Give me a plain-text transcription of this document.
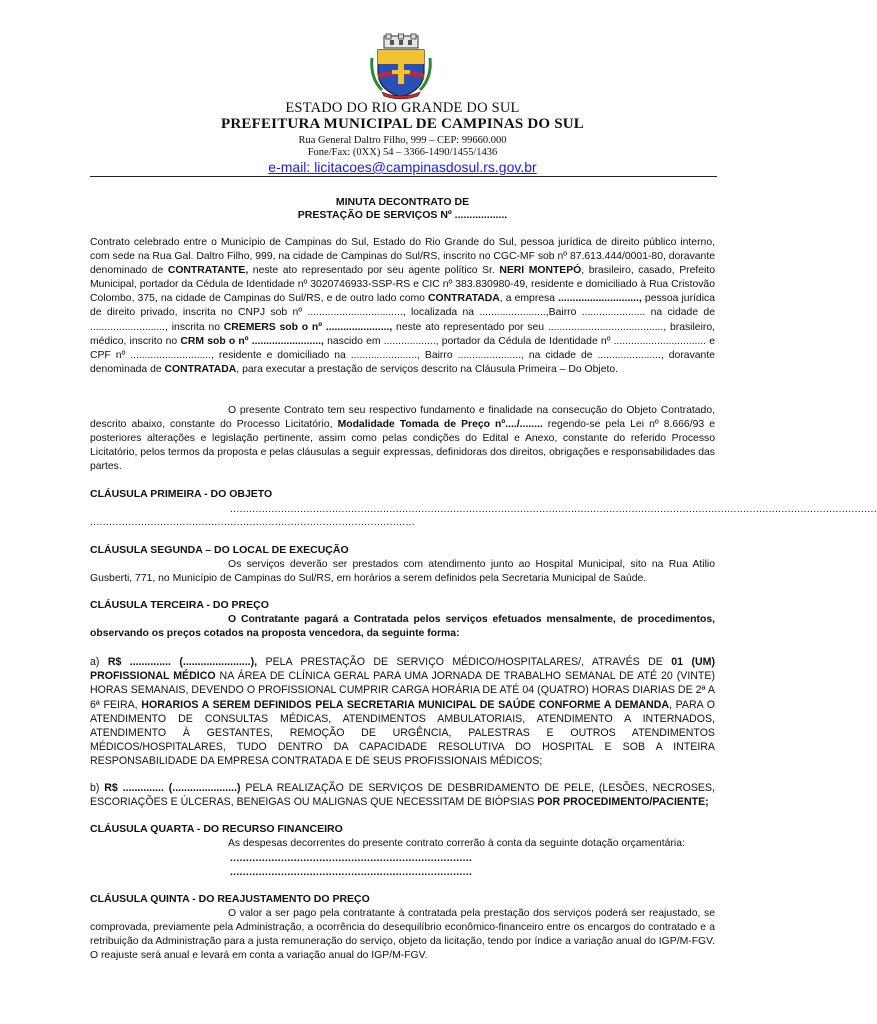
ESTADO DO RIO GRANDE DO SUL
PREFEITURA MUNICIPAL DE CAMPINAS DO SUL
Rua General Daltro Filho, 999 – CEP: 99660.000
Fone/Fax: (0XX) 54 – 3366-1490/1455/1436
e-mail: licitacoes@campinasdosul.rs.gov.br
MINUTA DECONTRATO DE
PRESTAÇÃO DE SERVIÇOS Nº ..................
Contrato celebrado entre o Município de Campinas do Sul, Estado do Rio Grande do Sul, pessoa jurídica de direito público interno, com sede na Rua Gal. Daltro Filho, 999, na cidade de Campinas do Sul/RS, inscrito no CGC-MF sob nº 87.613.444/0001-80, doravante denominado de CONTRATANTE, neste ato representado por seu agente político Sr. NERI MONTEPÓ, brasileiro, casado, Prefeito Municipal, portador da Cédula de Identidade nº 3020746933-SSP-RS e CIC nº 383.830980-49, residente e domiciliado à Rua Cristovão Colombo, 375, na cidade de Campinas do Sul/RS, e de outro lado como CONTRATADA, a empresa ............................, pessoa jurídica de direito privado, inscrita no CNPJ sob nº ................................., localizada na .......................,Bairro ...................... na cidade de .........................., inscrita no CREMERS sob o nº ......................, neste ato representado por seu ........................................, brasileiro, médico, inscrito no CRM sob o nº ........................, nascido em .................., portador da Cédula de Identidade nº ................................ e CPF nº ............................, residente e domiciliado na ......................., Bairro ......................, na cidade de ......................, doravante denominada de CONTRATADA, para executar a prestação de serviços descrito na Cláusula Primeira – Do Objeto.
O presente Contrato tem seu respectivo fundamento e finalidade na consecução do Objeto Contratado, descrito abaixo, constante do Processo Licitatório, Modalidade Tomada de Preço nº..../........ regendo-se pela Lei nº 8.666/93 e posteriores alterações e legislação pertinente, assim como pelas condições do Edital e Anexo, constante do referido Processo Licitatório, pelos termos da proposta e pelas cláusulas a seguir expressas, definidoras dos direitos, obrigações e responsabilidades das partes.
CLÁUSULA PRIMEIRA - DO OBJETO
...........................................................................................................................................................................................................
......................................................................................................
CLÁUSULA SEGUNDA – DO LOCAL DE EXECUÇÃO
Os serviços deverão ser prestados com atendimento junto ao Hospital Municipal, sito na Rua Atilio Gusberti, 771, no Município de Campinas do Sul/RS, em horários a serem definidos pela Secretaria Municipal de Saúde.
CLÁUSULA TERCEIRA - DO PREÇO
O Contratante pagará a Contratada pelos serviços efetuados mensalmente, de procedimentos, observando os preços cotados na proposta vencedora, da seguinte forma:
a) R$ .............. (.......................), PELA PRESTAÇÃO DE SERVIÇO MÉDICO/HOSPITALARES/, ATRAVÉS DE 01 (UM) PROFISSIONAL MÉDICO NA ÁREA DE CLÍNICA GERAL PARA UMA JORNADA DE TRABALHO SEMANAL DE ATÉ 20 (VINTE) HORAS SEMANAIS, DEVENDO O PROFISSIONAL CUMPRIR CARGA HORÁRIA DE ATÉ 04 (QUATRO) HORAS DIARIAS DE 2ª A 6ª FEIRA, HORARIOS A SEREM DEFINIDOS PELA SECRETARIA MUNICIPAL DE SAÚDE CONFORME A DEMANDA, PARA O ATENDIMENTO DE CONSULTAS MÉDICAS, ATENDIMENTOS AMBULATORIAIS, ATENDIMENTO A INTERNADOS, ATENDIMENTO À GESTANTES, REMOÇÃO DE URGÊNCIA, PALESTRAS E OUTROS ATENDIMENTOS MÉDICOS/HOSPITALARES, TUDO DENTRO DA CAPACIDADE RESOLUTIVA DO HOSPITAL E SOB A INTEIRA RESPONSABILIDADE DA EMPRESA CONTRATADA E DE SEUS PROFISSIONAIS MÉDICOS;
b) R$ .............. (......................) PELA REALIZAÇÃO DE SERVIÇOS DE DESBRIDAMENTO DE PELE, (LESÕES, NECROSES, ESCORIAÇÕES E ÚLCERAS, BENEIGAS OU MALIGNAS QUE NECESSITAM DE BIÓPSIAS POR PROCEDIMENTO/PACIENTE;
CLÁUSULA QUARTA - DO RECURSO FINANCEIRO
As despesas decorrentes do presente contrato correrão à conta da seguinte dotação orçamentária:
............................................................................
............................................................................
CLÁUSULA QUINTA - DO REAJUSTAMENTO DO PREÇO
O valor a ser pago pela contratante à contratada pela prestação dos serviços poderá ser reajustado, se comprovada, previamente pela Administração, a ocorrência do desequilíbrio econômico-financeiro entre os encargos do contratado e a retribuição da Administração para a justa remuneração do serviço, objeto da licitação, tendo por índice a variação anual do IGP/M-FGV. O reajuste será anual e levará em conta a variação anual do IGP/M-FGV.
